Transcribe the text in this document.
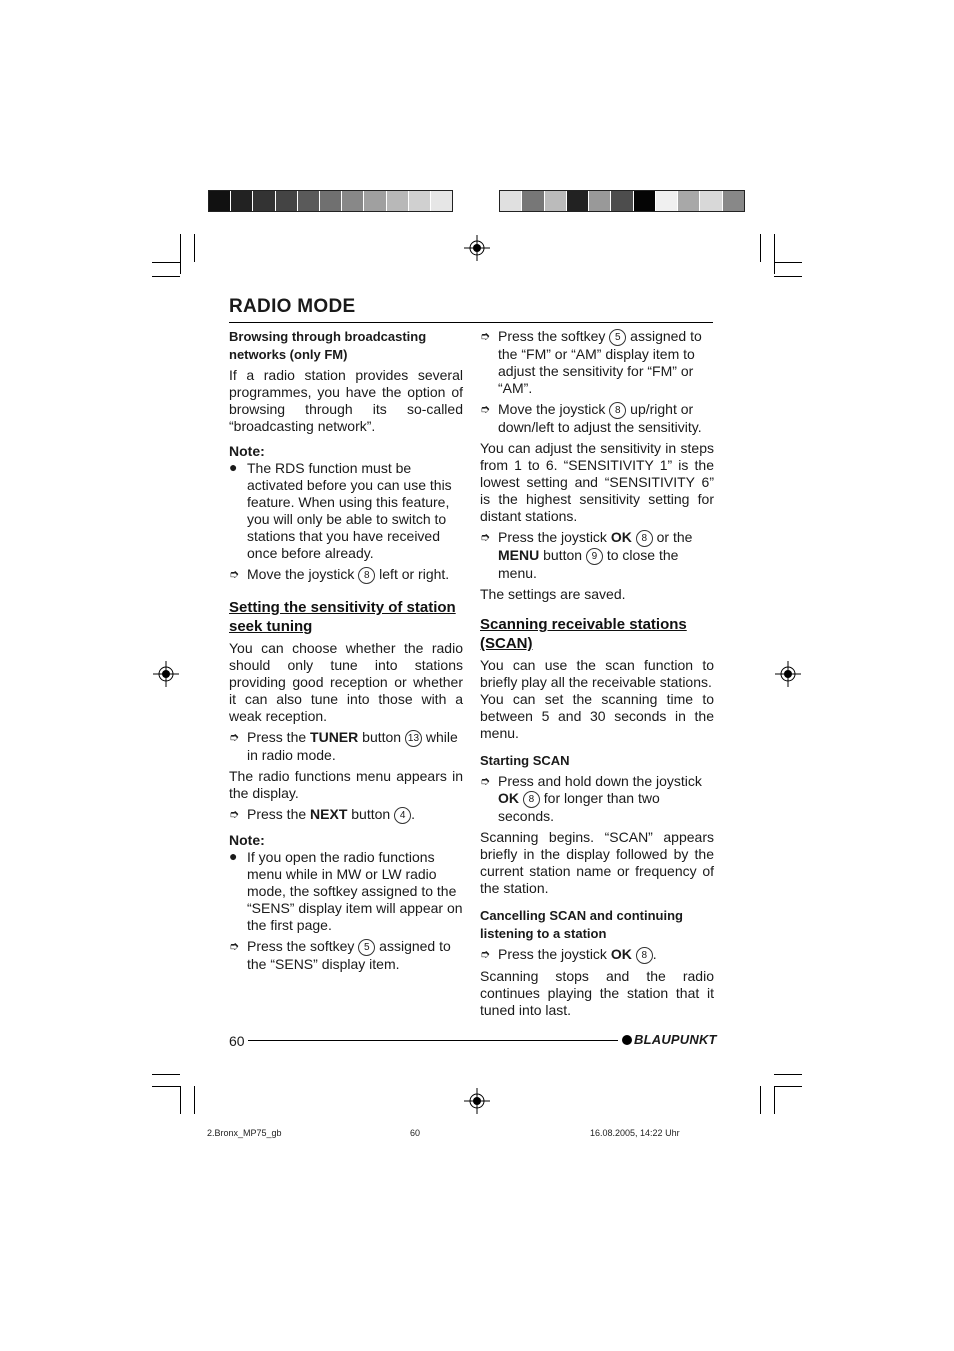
RADIO MODE
Browsing through broadcasting networks (only FM)

If a radio station provides several programmes, you have the option of browsing through its so-called “broadcasting network”.

Note:
● The RDS function must be activated before you can use this feature. When using this feature, you will only be able to switch to stations that you have received once before already.
➮ Move the joystick 8 left or right.
Setting the sensitivity of station seek tuning

You can choose whether the radio should only tune into stations providing good reception or whether it can also tune into those with a weak reception.

➮ Press the TUNER button 13 while in radio mode.

The radio functions menu appears in the display.

➮ Press the NEXT button 4 .
Note:
● If you open the radio functions menu while in MW or LW radio mode, the softkey assigned to the “SENS” display item will appear on the first page.
➮ Press the softkey 5 assigned to the “SENS” display item.
➮ Press the softkey 5 assigned to the “FM” or “AM” display item to adjust the sensitivity for “FM” or “AM”.
➮ Move the joystick 8 up/right or down/left to adjust the sensitivity.

You can adjust the sensitivity in steps from 1 to 6. “SENSITIVITY 1” is the lowest setting and “SENSITIVITY 6” is the highest sensitivity setting for distant stations.

➮ Press the joystick OK 8 or the MENU button 9 to close the menu.

The settings are saved.

Scanning receivable stations (SCAN)

You can use the scan function to briefly play all the receivable stations.

You can set the scanning time to between 5 and 30 seconds in the menu.

Starting SCAN
➮ Press and hold down the joystick OK 8 for longer than two seconds.

Scanning begins. “SCAN” appears briefly in the display followed by the current station name or frequency of the station.

Cancelling SCAN and continuing listening to a station
➮ Press the joystick OK 8 .

Scanning stops and the radio continues playing the station that it tuned into last.

60	BLAUPUNKT
2.Bronx_MP75_gb	60	16.08.2005, 14:22 Uhr
